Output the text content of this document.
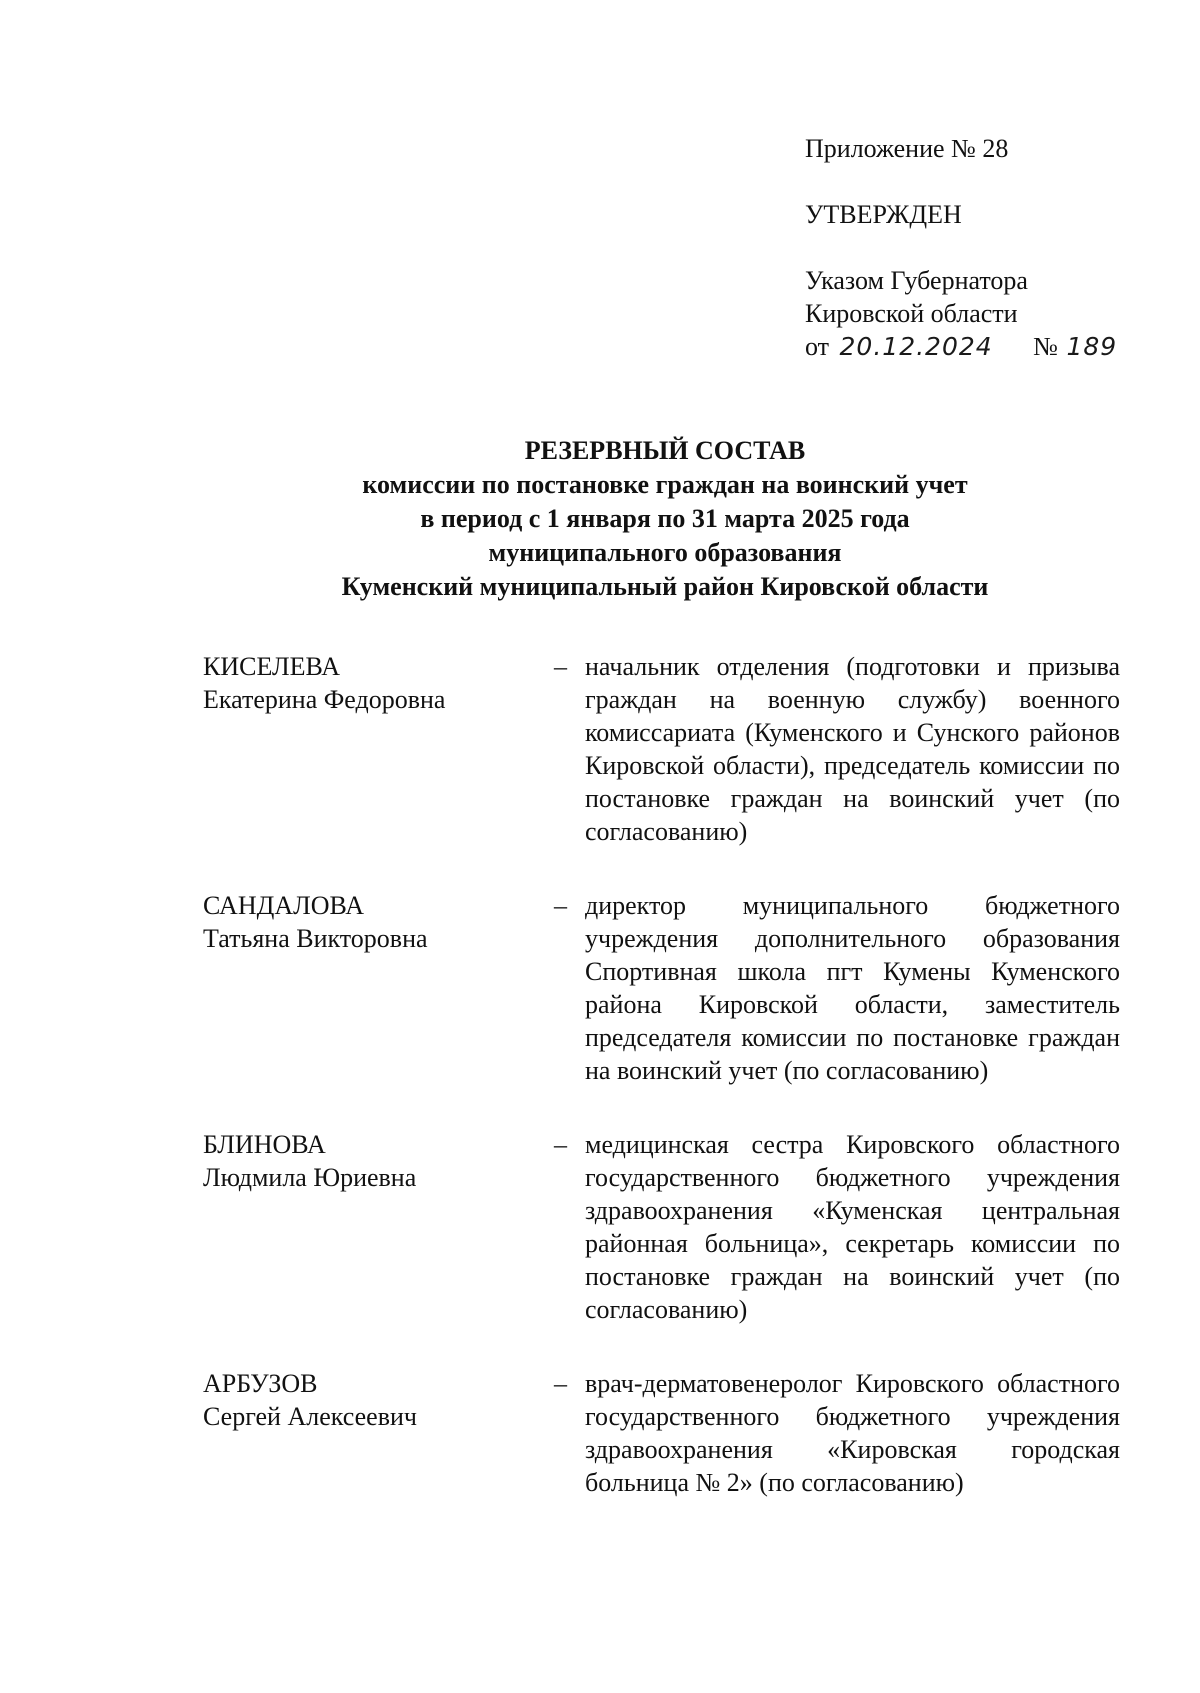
Приложение № 28
УТВЕРЖДЕН
Указом Губернатора
Кировской области
от 20.12.2024 № 189
РЕЗЕРВНЫЙ СОСТАВ
комиссии по постановке граждан на воинский учет
в период с 1 января по 31 марта 2025 года
муниципального образования
Куменский муниципальный район Кировской области
КИСЕЛЕВА
Екатерина Федоровна
– начальник отделения (подготовки и призыва граждан на военную службу) военного комиссариата (Куменского и Сунского районов Кировской области), председатель комиссии по постановке граждан на воинский учет (по согласованию)
САНДАЛОВА
Татьяна Викторовна
– директор муниципального бюджетного учреждения дополнительного образования Спортивная школа пгт Кумены Куменского района Кировской области, заместитель председателя комиссии по постановке граждан на воинский учет (по согласованию)
БЛИНОВА
Людмила Юриевна
– медицинская сестра Кировского областного государственного бюджетного учреждения здравоохранения «Куменская центральная районная больница», секретарь комиссии по постановке граждан на воинский учет (по согласованию)
АРБУЗОВ
Сергей Алексеевич
– врач-дерматовенеролог Кировского областного государственного бюджетного учреждения здравоохранения «Кировская городская больница № 2» (по согласованию)
